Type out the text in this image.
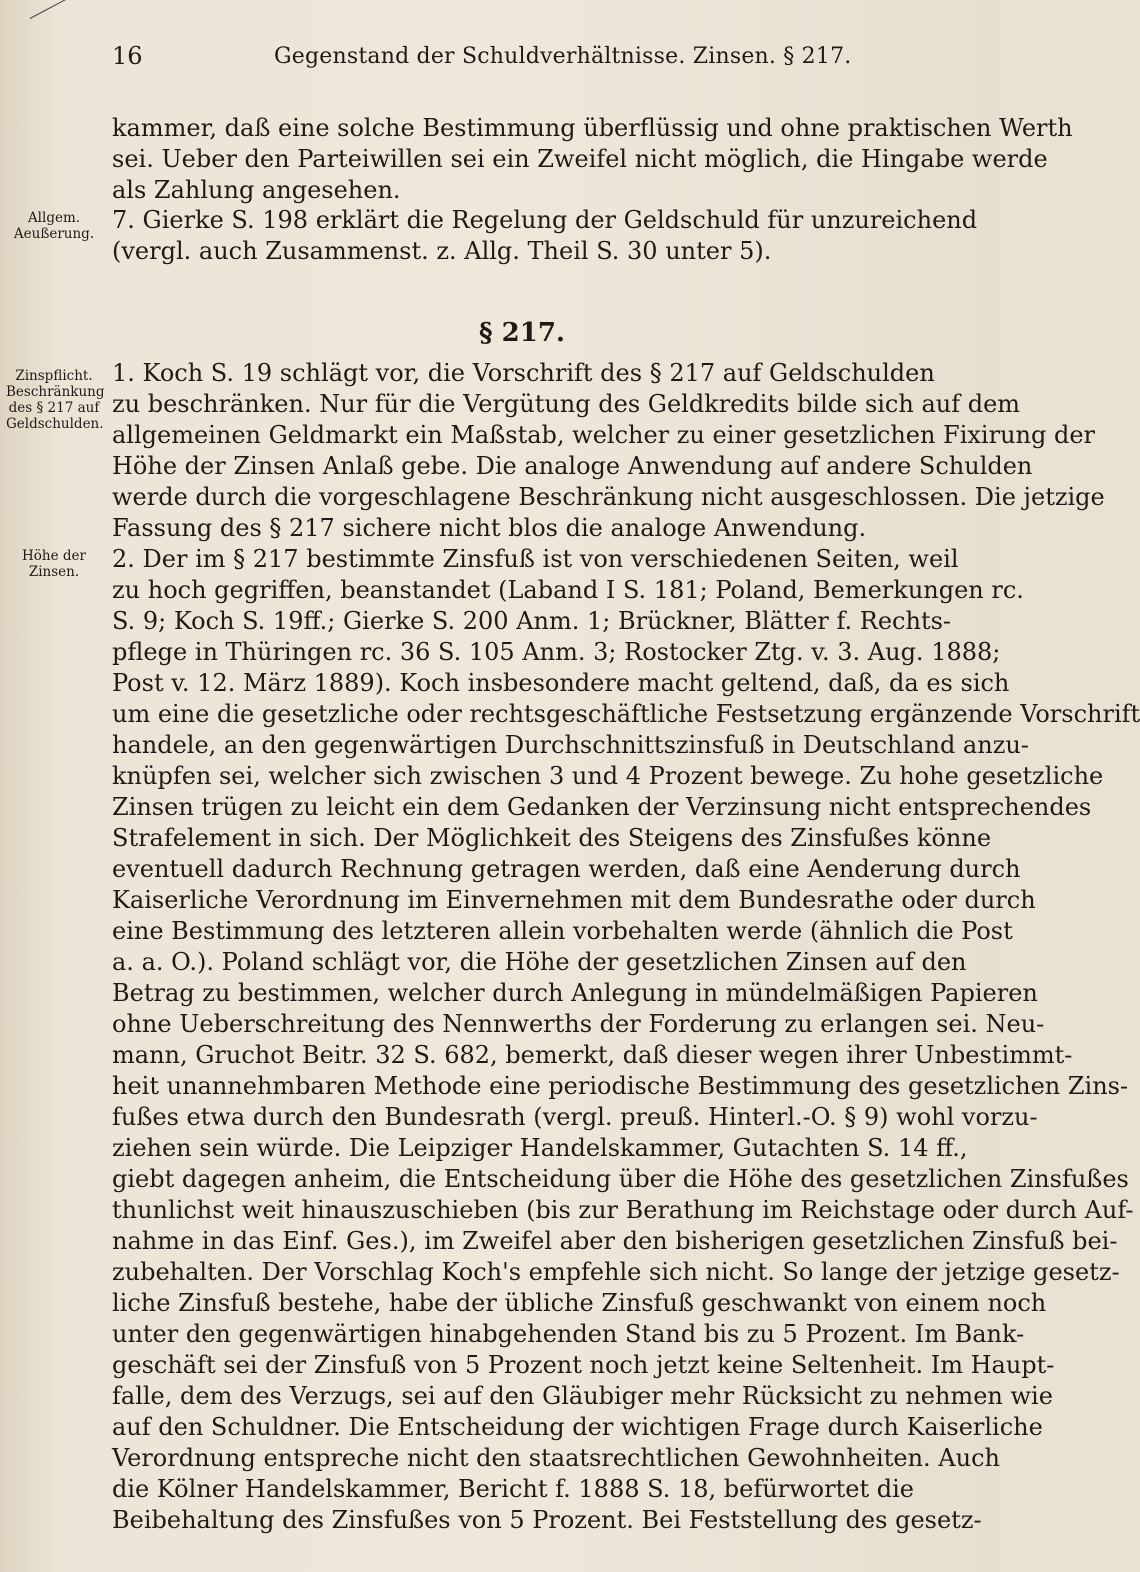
16	Gegenstand der Schuldverhältnisse. Zinsen. § 217.
Allgem. Aeußerung.
Zinspflicht. Beschränkung des § 217 auf Geldschulden.
Höhe der Zinsen.
kammer, daß eine solche Bestimmung überflüssig und ohne praktischen Werth
sei. Ueber den Parteiwillen sei ein Zweifel nicht möglich, die Hingabe werde
als Zahlung angesehen.
7. Gierke S. 198 erklärt die Regelung der Geldschuld für unzureichend
(vergl. auch Zusammenst. z. Allg. Theil S. 30 unter 5).
§ 217.
1. Koch S. 19 schlägt vor, die Vorschrift des § 217 auf Geldschulden
zu beschränken. Nur für die Vergütung des Geldkredits bilde sich auf dem
allgemeinen Geldmarkt ein Maßstab, welcher zu einer gesetzlichen Fixirung der
Höhe der Zinsen Anlaß gebe. Die analoge Anwendung auf andere Schulden
werde durch die vorgeschlagene Beschränkung nicht ausgeschlossen. Die jetzige
Fassung des § 217 sichere nicht blos die analoge Anwendung.
2. Der im § 217 bestimmte Zinsfuß ist von verschiedenen Seiten, weil
zu hoch gegriffen, beanstandet (Laband I S. 181; Poland, Bemerkungen rc.
S. 9; Koch S. 19ff.; Gierke S. 200 Anm. 1; Brückner, Blätter f. Rechts-
pflege in Thüringen rc. 36 S. 105 Anm. 3; Rostocker Ztg. v. 3. Aug. 1888;
Post v. 12. März 1889). Koch insbesondere macht geltend, daß, da es sich
um eine die gesetzliche oder rechtsgeschäftliche Festsetzung ergänzende Vorschrift
handele, an den gegenwärtigen Durchschnittszinsfuß in Deutschland anzu-
knüpfen sei, welcher sich zwischen 3 und 4 Prozent bewege. Zu hohe gesetzliche
Zinsen trügen zu leicht ein dem Gedanken der Verzinsung nicht entsprechendes
Strafelement in sich. Der Möglichkeit des Steigens des Zinsfußes könne
eventuell dadurch Rechnung getragen werden, daß eine Aenderung durch
Kaiserliche Verordnung im Einvernehmen mit dem Bundesrathe oder durch
eine Bestimmung des letzteren allein vorbehalten werde (ähnlich die Post
a. a. O.). Poland schlägt vor, die Höhe der gesetzlichen Zinsen auf den
Betrag zu bestimmen, welcher durch Anlegung in mündelmäßigen Papieren
ohne Ueberschreitung des Nennwerths der Forderung zu erlangen sei. Neu-
mann, Gruchot Beitr. 32 S. 682, bemerkt, daß dieser wegen ihrer Unbestimmt-
heit unannehmbaren Methode eine periodische Bestimmung des gesetzlichen Zins-
fußes etwa durch den Bundesrath (vergl. preuß. Hinterl.-O. § 9) wohl vorzu-
ziehen sein würde. Die Leipziger Handelskammer, Gutachten S. 14 ff.,
giebt dagegen anheim, die Entscheidung über die Höhe des gesetzlichen Zinsfußes
thunlichst weit hinauszuschieben (bis zur Berathung im Reichstage oder durch Auf-
nahme in das Einf. Ges.), im Zweifel aber den bisherigen gesetzlichen Zinsfuß bei-
zubehalten. Der Vorschlag Koch's empfehle sich nicht. So lange der jetzige gesetz-
liche Zinsfuß bestehe, habe der übliche Zinsfuß geschwankt von einem noch
unter den gegenwärtigen hinabgehenden Stand bis zu 5 Prozent. Im Bank-
geschäft sei der Zinsfuß von 5 Prozent noch jetzt keine Seltenheit. Im Haupt-
falle, dem des Verzugs, sei auf den Gläubiger mehr Rücksicht zu nehmen wie
auf den Schuldner. Die Entscheidung der wichtigen Frage durch Kaiserliche
Verordnung entspreche nicht den staatsrechtlichen Gewohnheiten. Auch
die Kölner Handelskammer, Bericht f. 1888 S. 18, befürwortet die
Beibehaltung des Zinsfußes von 5 Prozent. Bei Feststellung des gesetz-
